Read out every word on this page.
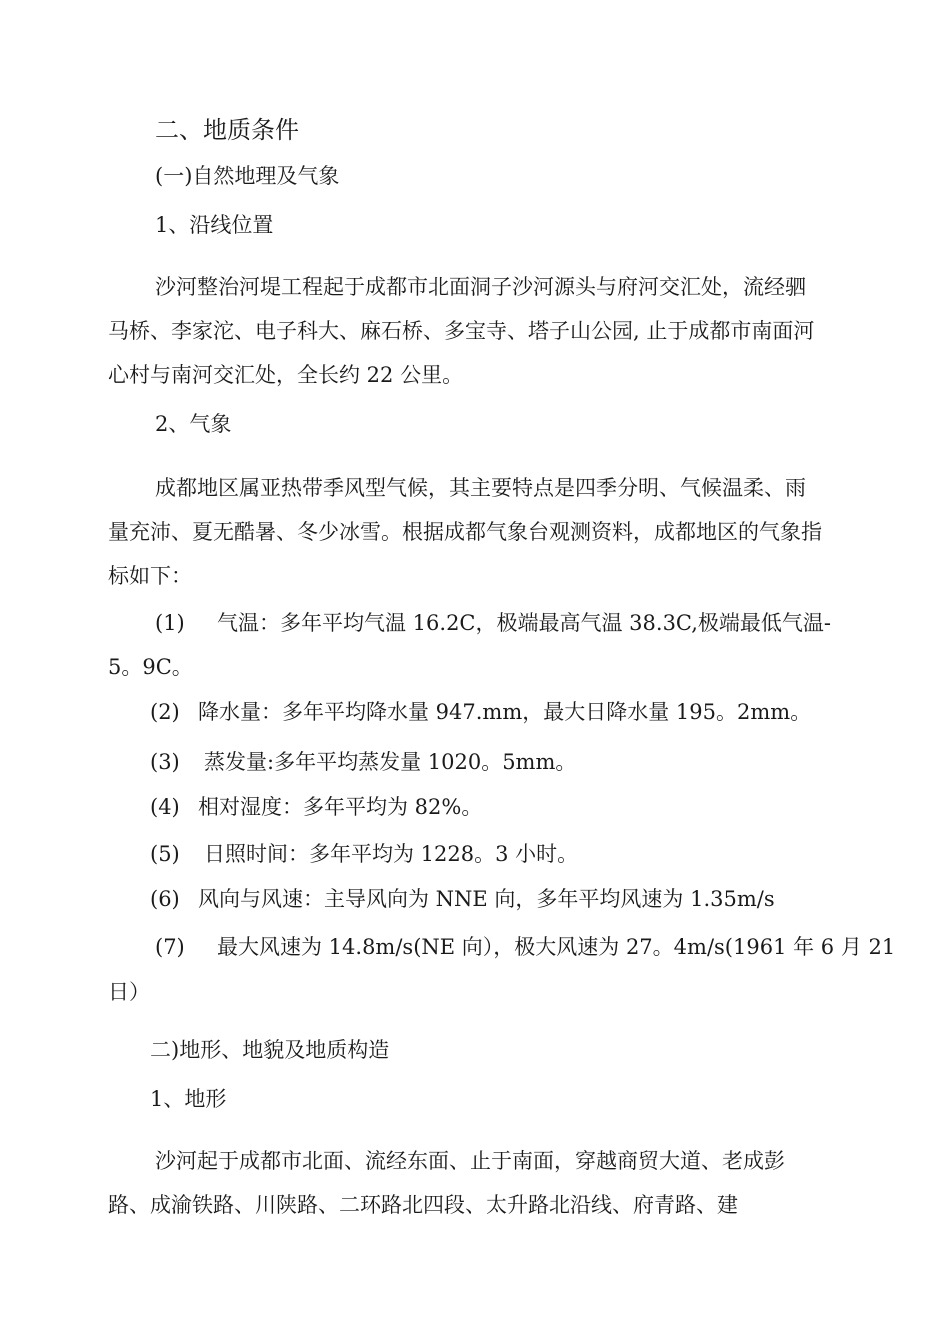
二、地质条件

(一)自然地理及气象

1、沿线位置

沙河整治河堤工程起于成都市北面洞子沙河源头与府河交汇处，流经驷

马桥、李家沱、电子科大、麻石桥、多宝寺、塔子山公园, 止于成都市南面河

心村与南河交汇处，全长约 22 公里。

2、气象

成都地区属亚热带季风型气候，其主要特点是四季分明、气候温柔、雨

量充沛、夏无酷暑、冬少冰雪。根据成都气象台观测资料，成都地区的气象指

标如下：

(1) 气温：多年平均气温 16.2C，极端最高气温 38.3C,极端最低气温-

5。9C。

(2) 降水量：多年平均降水量 947.mm，最大日降水量 195。2mm。

(3) 蒸发量:多年平均蒸发量 1020。5mm。

(4) 相对湿度：多年平均为 82%。

(5) 日照时间：多年平均为 1228。3 小时。

(6) 风向与风速：主导风向为 NNE 向，多年平均风速为 1.35m/s

(7) 最大风速为 14.8m/s(NE 向），极大风速为 27。4m/s(1961 年 6 月 21

日）

二)地形、地貌及地质构造

1、地形

沙河起于成都市北面、流经东面、止于南面，穿越商贸大道、老成彭

路、成渝铁路、川陕路、二环路北四段、太升路北沿线、府青路、建
